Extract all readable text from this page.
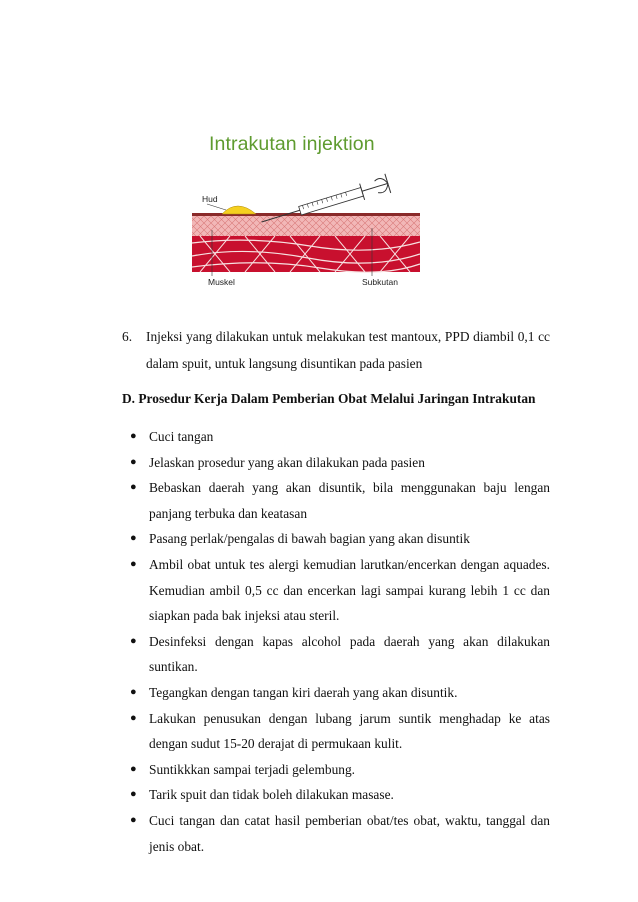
Intrakutan injektion
Hud
Muskel	Subkutan
6. Injeksi yang dilakukan untuk melakukan test mantoux, PPD diambil 0,1 cc
dalam spuit, untuk langsung disuntikan pada pasien
D. Prosedur Kerja Dalam Pemberian Obat Melalui Jaringan Intrakutan
● Cuci tangan
● Jelaskan prosedur yang akan dilakukan pada pasien
● Bebaskan daerah yang akan disuntik, bila menggunakan baju lengan panjang terbuka dan keatasan
● Pasang perlak/pengalas di bawah bagian yang akan disuntik
● Ambil obat untuk tes alergi kemudian larutkan/encerkan dengan aquades. Kemudian ambil 0,5 cc dan encerkan lagi sampai kurang lebih 1 cc dan siapkan pada bak injeksi atau steril.
● Desinfeksi dengan kapas alcohol pada daerah yang akan dilakukan suntikan.
● Tegangkan dengan tangan kiri daerah yang akan disuntik.
● Lakukan penusukan dengan lubang jarum suntik menghadap ke atas dengan sudut 15-20 derajat di permukaan kulit.
● Suntikkkan sampai terjadi gelembung.
● Tarik spuit dan tidak boleh dilakukan masase.
● Cuci tangan dan catat hasil pemberian obat/tes obat, waktu, tanggal dan jenis obat.
